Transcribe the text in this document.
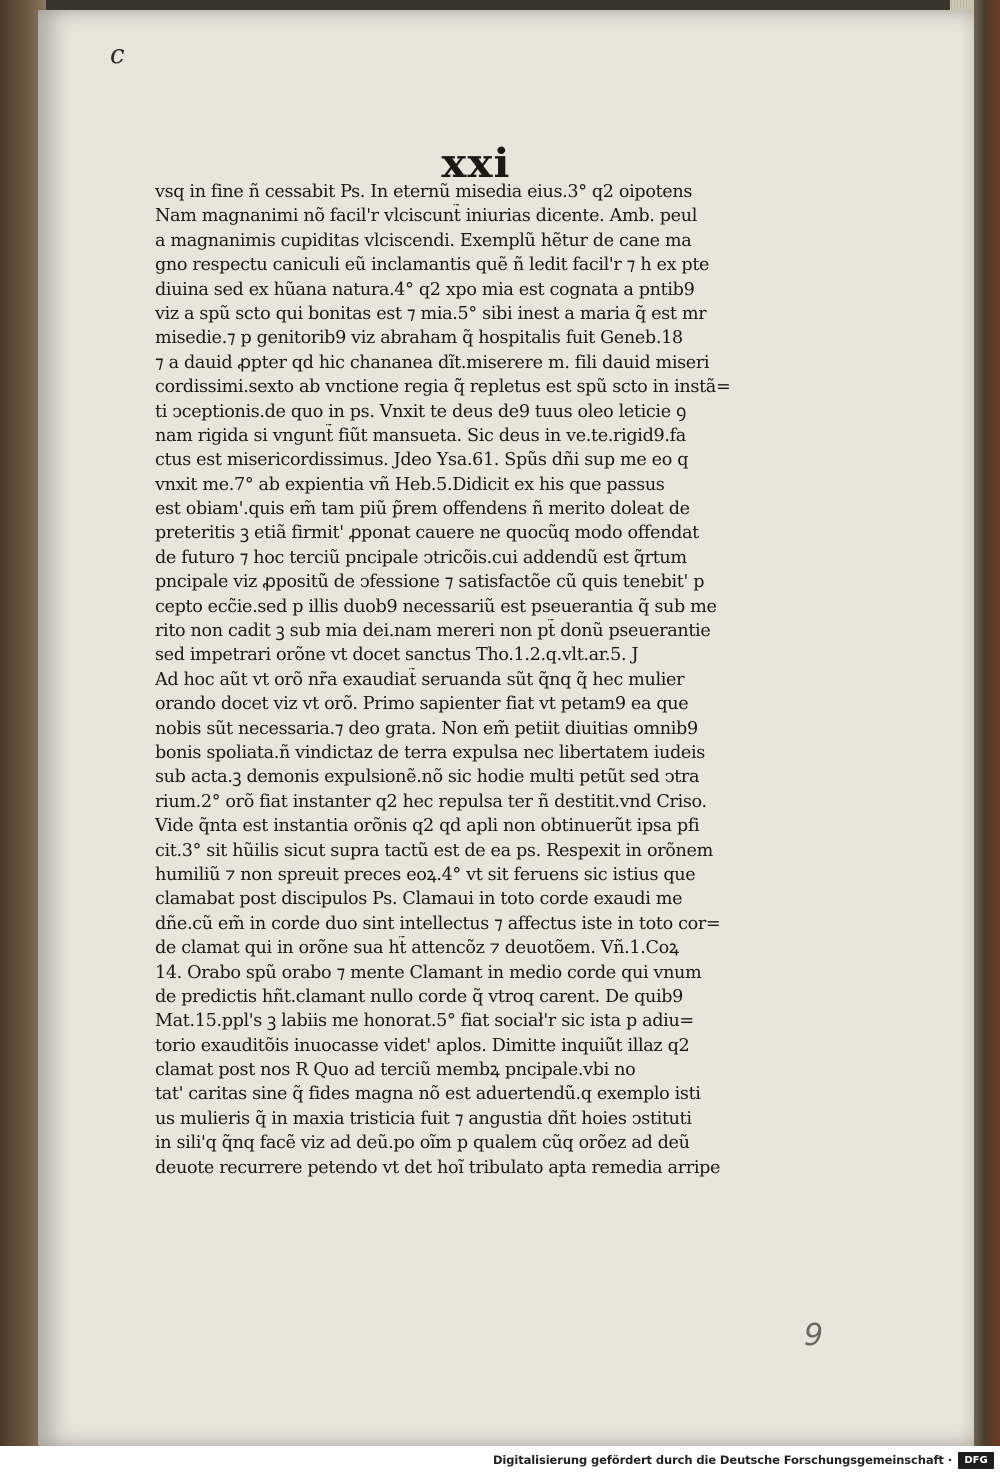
c
xxi
vsq in fine ñ cessabit Ps. In eternũ misedia eius.3° q2 oipotens
Nam magnanimi nõ facil'r vlciscunt̃ iniurias dicente. Amb. peul
a magnanimis cupiditas vlciscendi. Exemplũ hẽtur de cane ma
gno respectu caniculi eũ inclamantis quẽ ñ ledit facil'r ⁊ h ex pte
diuina sed ex hũana natura.4° q2 xpo mia est cognata a pntib9
viz a spũ scto qui bonitas est ⁊ mia.5° sibi inest a maria q̃ est mr
misedie.⁊ p genitorib9 viz abraham q̃ hospitalis fuit Geneb.18
⁊ a dauid ꝓpter qd hic chananea dĩt.miserere m. fili dauid miseri
cordissimi.sexto ab vnctione regia q̃ repletus est spũ scto in instã=
ti ↄceptionis.de quo in ps. Vnxit te deus de9 tuus oleo leticie ꝯ
nam rigida si vngunt̃ fiũt mansueta. Sic deus in ve.te.rigid9.fa
ctus est misericordissimus. Jdeo Ysa.61. Spũs dñi sup me eo q
vnxit me.7° ab expientia vñ Heb.5.Didicit ex his que passus
est obiam'.quis em̃ tam piũ p̃rem offendens ñ merito doleat de
preteritis ꝫ etiã firmit' ꝓponat cauere ne quocũq modo offendat
de futuro ⁊ hoc terciũ pncipale ↄtricõis.cui addendũ est q̃rtum
pncipale viz ꝓpositũ de ↄfessione ⁊ satisfactõe cũ quis tenebit' p
cepto ecc̃ie.sed p illis duob9 necessariũ est pseuerantia q̃ sub me
rito non cadit ꝫ sub mia dei.nam mereri non pt̃ donũ pseuerantie
sed impetrari orõne vt docet sanctus Tho.1.2.q.vlt.ar.5. J
Ad hoc aũt vt orõ nr̃a exaudiat̃ seruanda sũt q̃nq q̃ hec mulier
orando docet viz vt orõ. Primo sapienter fiat vt petam9 ea que
nobis sũt necessaria.⁊ deo grata. Non em̃ petiit diuitias omnib9
bonis spoliata.ñ vindictaz de terra expulsa nec libertatem iudeis
sub acta.ꝫ demonis expulsionẽ.nõ sic hodie multi petũt sed ↄtra
rium.2° orõ fiat instanter q2 hec repulsa ter ñ destitit.vnd Criso.
Vide q̃nta est instantia orõnis q2 qd apli non obtinuerũt ipsa pfi
cit.3° sit hũilis sicut supra tactũ est de ea ps. Respexit in orõnem
humiliũ ⁊ non spreuit preces eoꝝ.4° vt sit feruens sic istius que
clamabat post discipulos Ps. Clamaui in toto corde exaudi me
dñe.cũ em̃ in corde duo sint intellectus ⁊ affectus iste in toto cor=
de clamat qui in orõne sua ht̃ attencõz ⁊ deuotõem. Vñ.1.Coꝝ
14. Orabo spũ orabo ⁊ mente Clamant in medio corde qui vnum
de predictis hñt.clamant nullo corde q̃ vtroq carent. De quib9
Mat.15.ppl's ꝫ labiis me honorat.5° fiat sociał'r sic ista p adiu=
torio exauditõis inuocasse videt' aplos. Dimitte inquiũt illaz q2
clamat post nos R Quo ad terciũ membꝝ pncipale.vbi no
tat' caritas sine q̃ fides magna nõ est aduertendũ.q exemplo isti
us mulieris q̃ in maxia tristicia fuit ⁊ angustia dñt hoies ↄstituti
in sili'q q̃nq facẽ viz ad deũ.po oĩm p qualem cũq orõez ad deũ
deuote recurrere petendo vt det hoĩ tribulato apta remedia arripe
9
Digitalisierung gefördert durch die Deutsche Forschungsgemeinschaft ·	DFG
